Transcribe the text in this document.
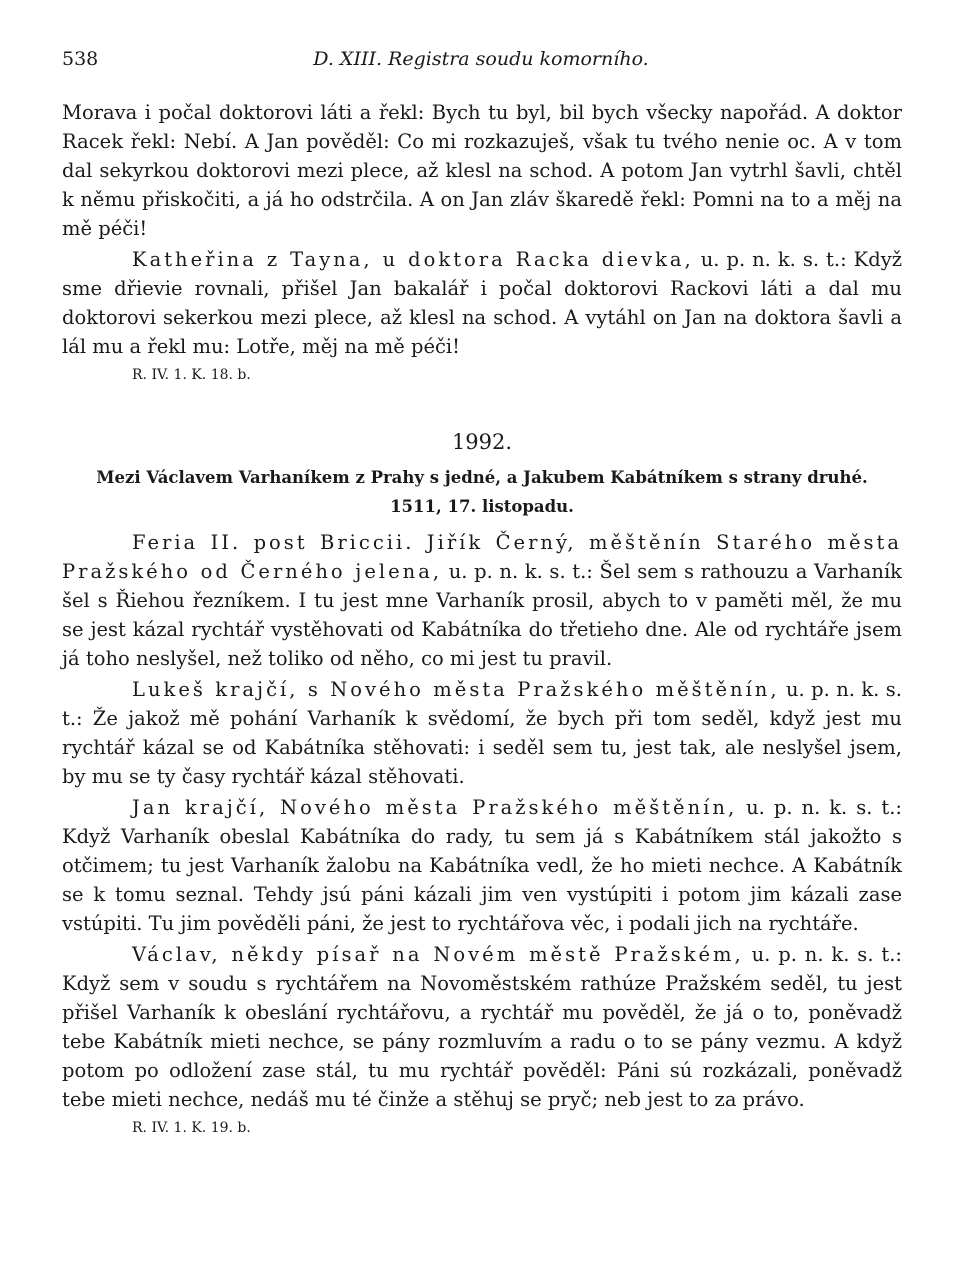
538	D. XIII. Registra soudu komorního.

Morava i počal doktorovi láti a řekl: Bych tu byl, bil bych všecky napořád. A doktor Racek řekl: Nebí. A Jan pověděl: Co mi rozkazuješ, však tu tvého nenie oc. A v tom dal sekyrkou doktorovi mezi plece, až klesl na schod. A potom Jan vytrhl šavli, chtěl k němu přiskočiti, a já ho odstrčila. A on Jan zláv škaredě řekl: Pomni na to a měj na mě péči!

Katheřina z Tayna, u doktora Racka dievka, u. p. n. k. s. t.: Když sme dřievie rovnali, přišel Jan bakalář i počal doktorovi Rackovi láti a dal mu doktorovi sekerkou mezi plece, až klesl na schod. A vytáhl on Jan na doktora šavli a lál mu a řekl mu: Lotře, měj na mě péči!

R. IV. 1. K. 18. b.

1992.

Mezi Václavem Varhaníkem z Prahy s jedné, a Jakubem Kabátníkem s strany druhé.

1511, 17. listopadu.

Feria II. post Briccii. Jiřík Černý, měštěnín Starého města Pražského od Černého jelena, u. p. n. k. s. t.: Šel sem s rathouzu a Varhaník šel s Řiehou řezníkem. I tu jest mne Varhaník prosil, abych to v paměti měl, že mu se jest kázal rychtář vystěhovati od Kabátníka do třetieho dne. Ale od rychtáře jsem já toho neslyšel, než toliko od něho, co mi jest tu pravil.

Lukeš krajčí, s Nového města Pražského měštěnín, u. p. n. k. s. t.: Že jakož mě pohání Varhaník k svědomí, že bych při tom seděl, když jest mu rychtář kázal se od Kabátníka stěhovati: i seděl sem tu, jest tak, ale neslyšel jsem, by mu se ty časy rychtář kázal stěhovati.

Jan krajčí, Nového města Pražského měštěnín, u. p. n. k. s. t.: Když Varhaník obeslal Kabátníka do rady, tu sem já s Kabátníkem stál jakožto s otčimem; tu jest Varhaník žalobu na Kabátníka vedl, že ho mieti nechce. A Kabátník se k tomu seznal. Tehdy jsú páni kázali jim ven vystúpiti i potom jim kázali zase vstúpiti. Tu jim pověděli páni, že jest to rychtářova věc, i podali jich na rychtáře.

Václav, někdy písař na Novém městě Pražském, u. p. n. k. s. t.: Když sem v soudu s rychtářem na Novoměstském rathúze Pražském seděl, tu jest přišel Varhaník k obeslání rychtářovu, a rychtář mu pověděl, že já o to, poněvadž tebe Kabátník mieti nechce, se pány rozmluvím a radu o to se pány vezmu. A když potom po odložení zase stál, tu mu rychtář pověděl: Páni sú rozkázali, poněvadž tebe mieti nechce, nedáš mu té činže a stěhuj se pryč; neb jest to za právo.

R. IV. 1. K. 19. b.
